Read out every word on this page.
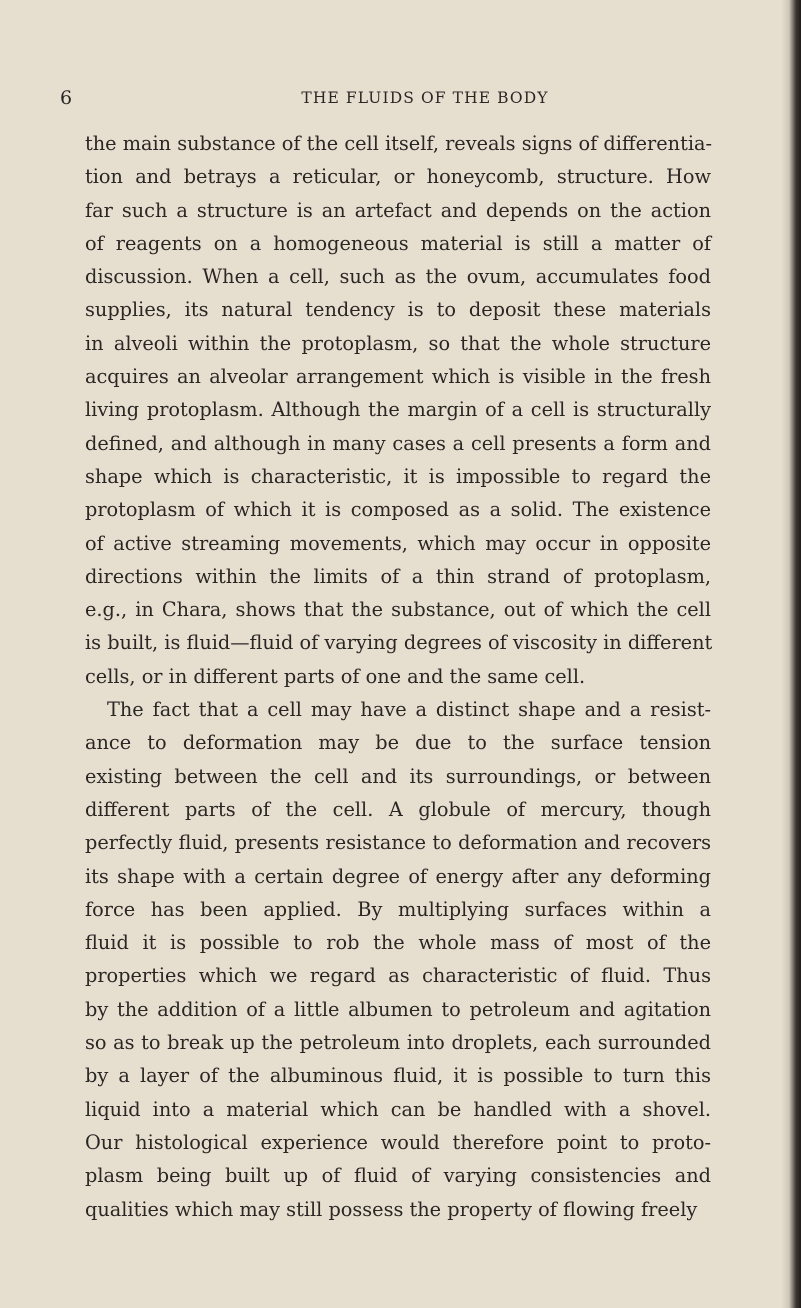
6	THE FLUIDS OF THE BODY
the main substance of the cell itself, reveals signs of differentia-
tion and betrays a reticular, or honeycomb, structure. How
far such a structure is an artefact and depends on the action
of reagents on a homogeneous material is still a matter of
discussion. When a cell, such as the ovum, accumulates food
supplies, its natural tendency is to deposit these materials
in alveoli within the protoplasm, so that the whole structure
acquires an alveolar arrangement which is visible in the fresh
living protoplasm. Although the margin of a cell is structurally
defined, and although in many cases a cell presents a form and
shape which is characteristic, it is impossible to regard the
protoplasm of which it is composed as a solid. The existence
of active streaming movements, which may occur in opposite
directions within the limits of a thin strand of protoplasm,
e.g., in Chara, shows that the substance, out of which the cell
is built, is fluid—fluid of varying degrees of viscosity in different
cells, or in different parts of one and the same cell.
The fact that a cell may have a distinct shape and a resist-
ance to deformation may be due to the surface tension
existing between the cell and its surroundings, or between
different parts of the cell. A globule of mercury, though
perfectly fluid, presents resistance to deformation and recovers
its shape with a certain degree of energy after any deforming
force has been applied. By multiplying surfaces within a
fluid it is possible to rob the whole mass of most of the
properties which we regard as characteristic of fluid. Thus
by the addition of a little albumen to petroleum and agitation
so as to break up the petroleum into droplets, each surrounded
by a layer of the albuminous fluid, it is possible to turn this
liquid into a material which can be handled with a shovel.
Our histological experience would therefore point to proto-
plasm being built up of fluid of varying consistencies and
qualities which may still possess the property of flowing freely
